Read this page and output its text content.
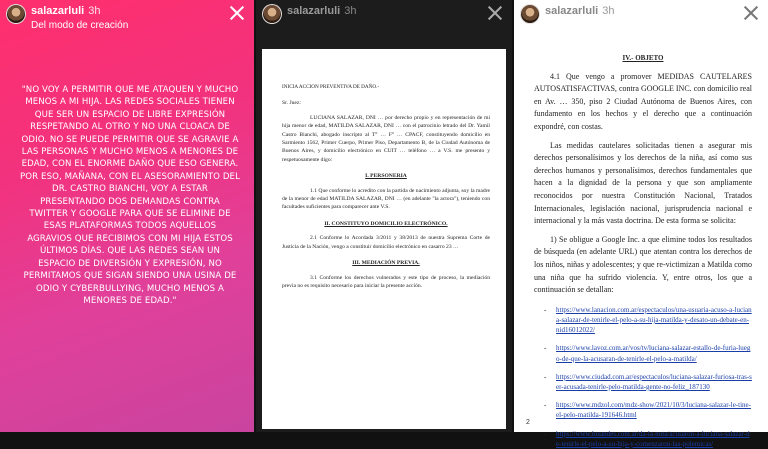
salazarluli 3h
Del modo de creación
"NO VOY A PERMITIR QUE ME ATAQUEN Y MUCHO MENOS A MI HIJA. LAS REDES SOCIALES TIENEN QUE SER UN ESPACIO DE LIBRE EXPRESIÓN RESPETANDO AL OTRO Y NO UNA CLOACA DE ODIO. NO SE PUEDE PERMITIR QUE SE AGRAVIE A LAS PERSONAS Y MUCHO MENOS A MENORES DE EDAD, CON EL ENORME DAÑO QUE ESO GENERA. POR ESO, MAÑANA, CON EL ASESORAMIENTO DEL DR. CASTRO BIANCHI, VOY A ESTAR PRESENTANDO DOS DEMANDAS CONTRA TWITTER Y GOOGLE PARA QUE SE ELIMINE DE ESAS PLATAFORMAS TODOS AQUELLOS AGRAVIOS QUE RECIBIMOS CON MI HIJA ESTOS ÚLTIMOS DÍAS. QUE LAS REDES SEAN UN ESPACIO DE DIVERSIÓN Y EXPRESIÓN, NO PERMITAMOS QUE SIGAN SIENDO UNA USINA DE ODIO Y CYBERBULLYING, MUCHO MENOS A MENORES DE EDAD."
salazarluli 3h
INICIA ACCION PREVENTIVA DE DAÑO.-
Sr. Juez:

LUCIANA SALAZAR, DNI … por derecho propio y en representación de mi hija menor de edad, MATILDA SALAZAR, DNI … con el patrocinio letrado del Dr. Yamil Castro Bianchi, abogado inscripto al T° … F° … CPACF, constituyendo domicilio en Sarmiento 1562, Primer Cuerpo, Primer Piso, Departamento B, de la Ciudad Autónoma de Buenos Aires, y domicilio electrónico en CUIT … teléfono … a V.S. me presento y respetuosamente digo:

I. PERSONERIA

1.1 Que conforme lo acredito con la partida de nacimiento adjunta, soy la madre de la menor de edad MATILDA SALAZAR, DNI … (en adelante "la actora"), teniendo con facultades suficientes para comparecer ante V.S.

II. CONSTITUYO DOMICILIO ELECTRÓNICO.

2.1 Conforme lo Acordada 3/2011 y 38/2013 de nuestra Suprema Corte de Justicia de la Nación, vengo a constituir domicilio electrónico en casarro 23 …

III. MEDIACIÓN PREVIA.

3.1 Conforme los derechos vulnerados y este tipo de proceso, la mediación previa no es requisito necesario para iniciar la presente acción.

salazarluli 3h
IV.- OBJETO

4.1 Que vengo a promover MEDIDAS CAUTELARES AUTOSATISFACTIVAS, contra GOOGLE INC. con domicilio real en Av. … 350, piso 2 Ciudad Autónoma de Buenos Aires, con fundamento en los hechos y el derecho que a continuación expondré, con costas.

Las medidas cautelares solicitadas tienen a asegurar mis derechos personalísimos y los derechos de la niña, así como sus derechos humanos y personalísimos, derechos fundamentales que hacen a la dignidad de la persona y que son ampliamente reconocidos por nuestra Constitución Nacional, Tratados Internacionales, legislación nacional, jurisprudencia nacional e internacional y la más vasta doctrina. De esta forma se solicita:

1) Se obligue a Google Inc. a que elimine todos los resultados de búsqueda (en adelante URL) que atentan contra los derechos de los niños, niñas y adolescentes; y que re-victimizan a Matilda como una niña que ha sufrido violencia. Y, entre otros, los que a continuación se detallan:

- https://www.lanacion.com.ar/espectaculos/una-usuaria-acuso-a-luciana-salazar-de-tenirle-el-pelo-a-su-hija-matilda-y-desato-un-debate-en-nid16012022/
- https://www.lavoz.com.ar/vos/tv/luciana-salazar-estallo-de-furia-luego-de-que-la-acusaran-de-tenirle-el-pelo-a-matilda/
- https://www.ciudad.com.ar/espectaculos/luciana-salazar-furiosa-tras-ser-acusada-tenirle-pelo-matilda-gente-no-feliz_187130
- https://www.mdzol.com/mdz-show/2021/10/3/luciana-salazar-le-tine-el-pelo-matilda-191646.html
- https://www.losandes.com.ar/da-la-nota/acusaron-a-luciana-salazar-de-tenirle-el-pelo-a-su-hija-y-comenzaron-las-polemicas/
2
